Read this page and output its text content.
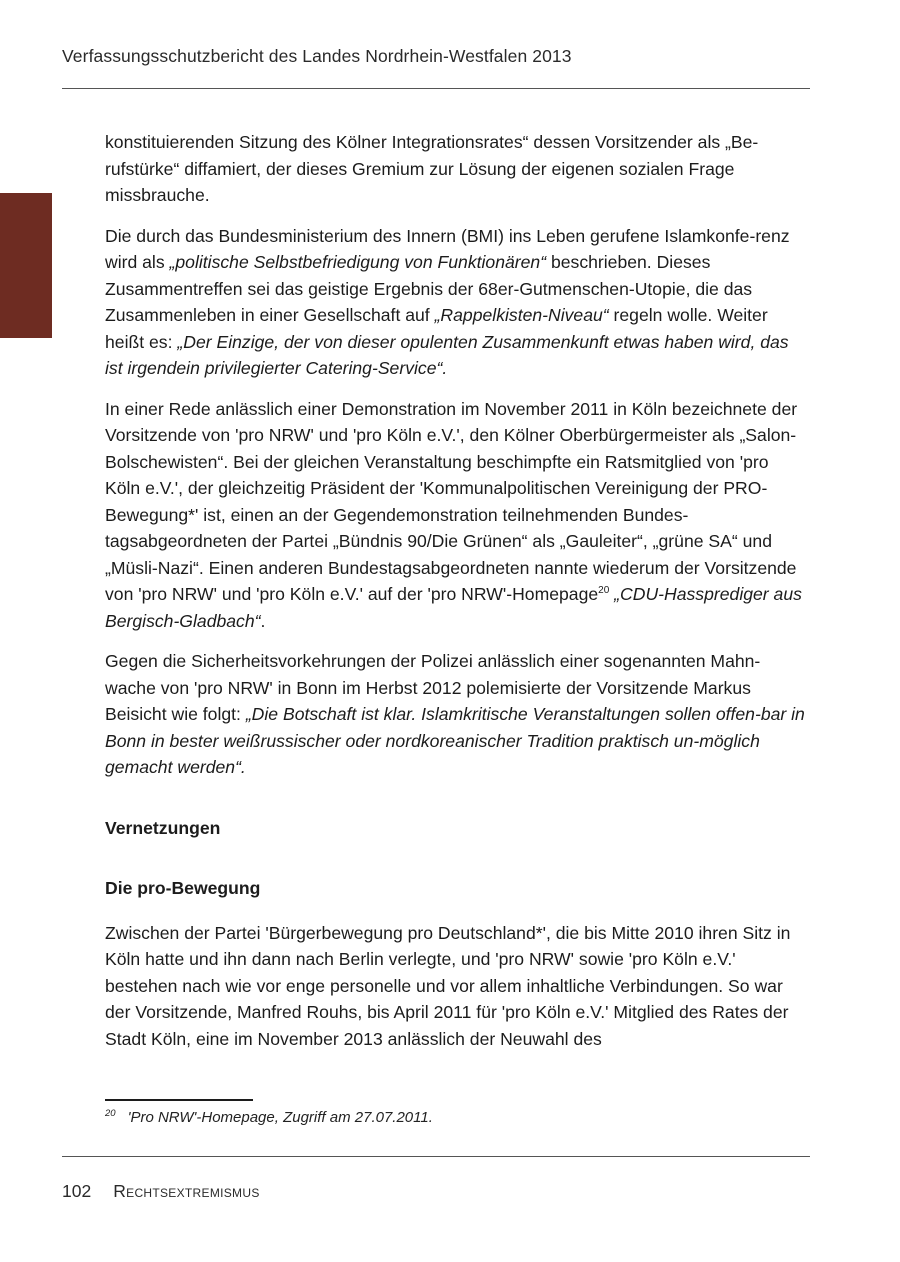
Verfassungsschutzbericht des Landes Nordrhein-Westfalen 2013

konstituierenden Sitzung des Kölner Integrationsrates“ dessen Vorsitzender als „Be-rufstürke“ diffamiert, der dieses Gremium zur Lösung der eigenen sozialen Frage missbrauche.

Die durch das Bundesministerium des Innern (BMI) ins Leben gerufene Islamkonfe-renz wird als „politische Selbstbefriedigung von Funktionären“ beschrieben. Dieses Zusammentreffen sei das geistige Ergebnis der 68er-Gutmenschen-Utopie, die das Zusammenleben in einer Gesellschaft auf „Rappelkisten-Niveau“ regeln wolle. Weiter heißt es: „Der Einzige, der von dieser opulenten Zusammenkunft etwas haben wird, das ist irgendein privilegierter Catering-Service“.

In einer Rede anlässlich einer Demonstration im November 2011 in Köln bezeichnete der Vorsitzende von 'pro NRW' und 'pro Köln e.V.', den Kölner Oberbürgermeister als „Salon-Bolschewisten“. Bei der gleichen Veranstaltung beschimpfte ein Ratsmitglied von 'pro Köln e.V.', der gleichzeitig Präsident der 'Kommunalpolitischen Vereinigung der PRO-Bewegung*' ist, einen an der Gegendemonstration teilnehmenden Bundes-tagsabgeordneten der Partei „Bündnis 90/Die Grünen“ als „Gauleiter“, „grüne SA“ und „Müsli-Nazi“. Einen anderen Bundestagsabgeordneten nannte wiederum der Vorsitzende von 'pro NRW' und 'pro Köln e.V.' auf der 'pro NRW'-Homepage$^{20}$ „CDU-Hassprediger aus Bergisch-Gladbach“.

Gegen die Sicherheitsvorkehrungen der Polizei anlässlich einer sogenannten Mahn-wache von 'pro NRW' in Bonn im Herbst 2012 polemisierte der Vorsitzende Markus Beisicht wie folgt: „Die Botschaft ist klar. Islamkritische Veranstaltungen sollen offen-bar in Bonn in bester weißrussischer oder nordkoreanischer Tradition praktisch un-möglich gemacht werden“.

Vernetzungen
Die pro-Bewegung

Zwischen der Partei 'Bürgerbewegung pro Deutschland*', die bis Mitte 2010 ihren Sitz in Köln hatte und ihn dann nach Berlin verlegte, und 'pro NRW' sowie 'pro Köln e.V.' bestehen nach wie vor enge personelle und vor allem inhaltliche Verbindungen. So war der Vorsitzende, Manfred Rouhs, bis April 2011 für 'pro Köln e.V.' Mitglied des Rates der Stadt Köln, eine im November 2013 anlässlich der Neuwahl des

$^{20}$ 'Pro NRW'-Homepage, Zugriff am 27.07.2011.
102 Rechtsextremismus
